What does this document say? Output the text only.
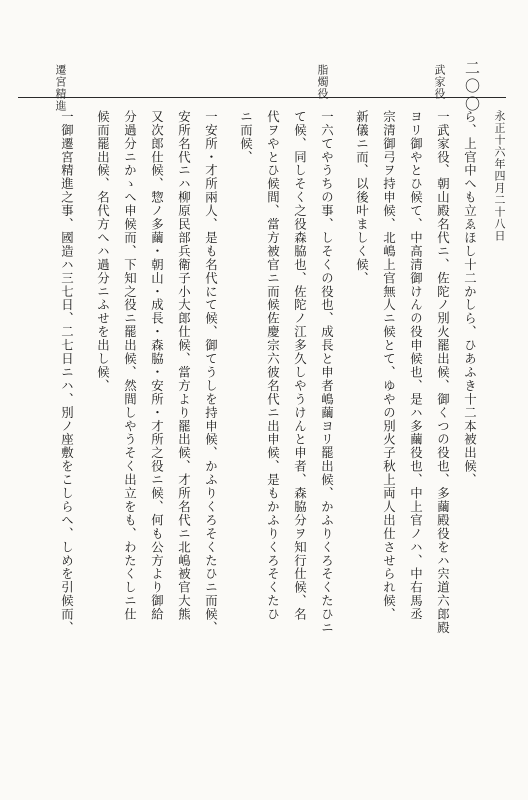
武家役
脂燭役
遷宮精進	二〇〇
永正十六年四月二十八日
ら、上官中へも立ゑほし十二かしら、ひあふき十二本被出候、
一武家役、朝山殿名代ニ、佐陀ノ別火罷出候、御くつの役也、多繭殿役をハ宍道六郎殿
ヨリ御やとひ候て、中高清御けんの役申候也、是ハ多繭役也、中上官ノハ、中右馬丞
宗清御弓ヲ持申候、北嶋上官無人ニ候とて、ゆやの別火子秋上両人出仕させられ候、
新儀ニ而、以後叶ましく候、
一六てやうちの事、しそくの役也、成長と申者嶋繭ヨリ罷出候、かふりくろそくたひニ
て候、同しそく之役森脇也、佐陀ノ江多久しやうけんと申者、森脇分ヲ知行仕候、名
代ヲやとひ候間、當方被官ニ而候佐慶宗六彼名代ニ出申候、是もかふりくろそくたひ
ニ而候、
一安所・才所兩人、是も名代にて候、御てうしを持申候、かふりくろそくたひニ而候、
安所名代ニハ柳原民部兵衛子小大郎仕候、當方より罷出候、才所名代ニ北嶋被官大熊
又次郎仕候、惣ノ多繭・朝山・成長・森脇・安所・才所之役ニ候、何も公方より御給
分過分ニかゝへ申候而、下知之役ニ罷出候、然間しやうそく出立をも、わたくしニ仕
候而罷出候、名代方へハ過分ニふせを出し候、
一御遷宮精進之事、國造ハ三七日、二七日ニハ、別ノ座敷をこしらへ、しめを引候而、
